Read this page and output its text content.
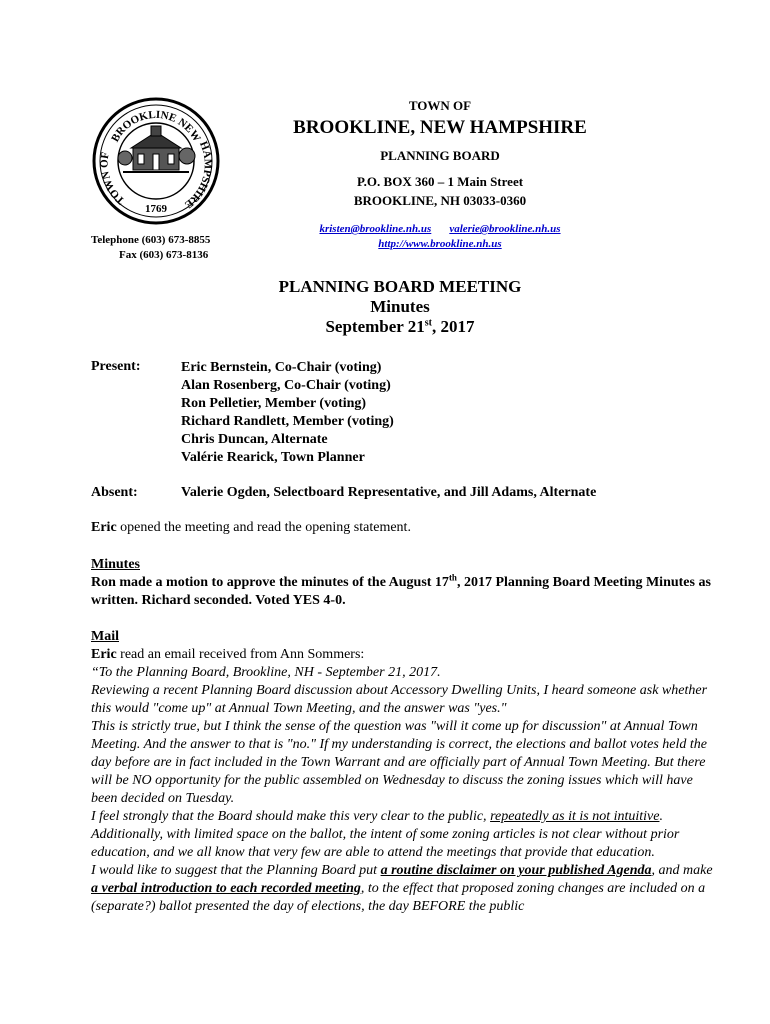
BROOKLINE NEW
TOWN OF
HAMPSHIRE
1769
Telephone (603) 673-8855
Fax (603) 673-8136
TOWN OF
BROOKLINE, NEW HAMPSHIRE
PLANNING BOARD
P.O. BOX 360 – 1 Main Street
BROOKLINE, NH 03033-0360
kristen@brookline.nh.us valerie@brookline.nh.us
http://www.brookline.nh.us
PLANNING BOARD MEETING
Minutes
September 21st, 2017
Present:	Eric Bernstein, Co-Chair (voting)
Alan Rosenberg, Co-Chair (voting)
Ron Pelletier, Member (voting)
Richard Randlett, Member (voting)
Chris Duncan, Alternate
Valérie Rearick, Town Planner
Absent:	Valerie Ogden, Selectboard Representative, and Jill Adams, Alternate
Eric opened the meeting and read the opening statement.
Minutes
Ron made a motion to approve the minutes of the August 17th, 2017 Planning Board Meeting Minutes as written. Richard seconded. Voted YES 4-0.
Mail
Eric read an email received from Ann Sommers:
“To the Planning Board, Brookline, NH - September 21, 2017.
Reviewing a recent Planning Board discussion about Accessory Dwelling Units, I heard someone ask whether this would "come up" at Annual Town Meeting, and the answer was "yes."
This is strictly true, but I think the sense of the question was "will it come up for discussion" at Annual Town Meeting. And the answer to that is "no." If my understanding is correct, the elections and ballot votes held the day before are in fact included in the Town Warrant and are officially part of Annual Town Meeting. But there will be NO opportunity for the public assembled on Wednesday to discuss the zoning issues which will have been decided on Tuesday.
I feel strongly that the Board should make this very clear to the public, repeatedly as it is not intuitive. Additionally, with limited space on the ballot, the intent of some zoning articles is not clear without prior education, and we all know that very few are able to attend the meetings that provide that education.
I would like to suggest that the Planning Board put a routine disclaimer on your published Agenda, and make a verbal introduction to each recorded meeting, to the effect that proposed zoning changes are included on a (separate?) ballot presented the day of elections, the day BEFORE the public
